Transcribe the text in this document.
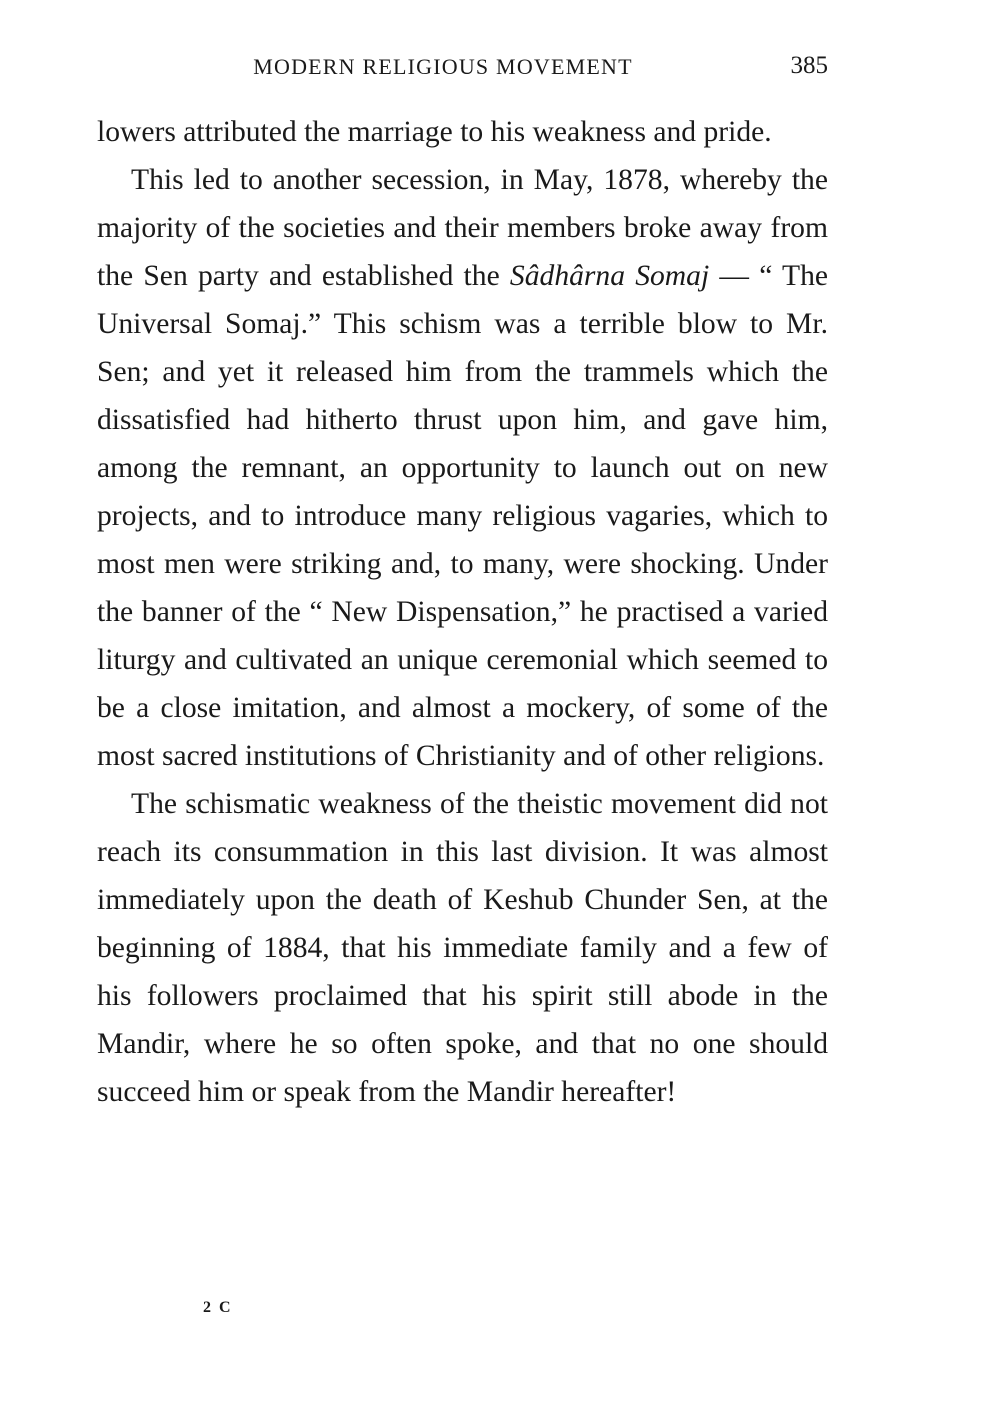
MODERN RELIGIOUS MOVEMENT	385

lowers attributed the marriage to his weakness and pride.

This led to another secession, in May, 1878, whereby the majority of the societies and their members broke away from the Sen party and established the Sâdhârna Somaj — “ The Universal Somaj.” This schism was a terrible blow to Mr. Sen; and yet it released him from the trammels which the dissatisfied had hitherto thrust upon him, and gave him, among the remnant, an opportunity to launch out on new projects, and to introduce many religious vagaries, which to most men were striking and, to many, were shocking. Under the banner of the “ New Dispensation,” he practised a varied liturgy and cultivated an unique ceremonial which seemed to be a close imitation, and almost a mockery, of some of the most sacred institutions of Christianity and of other religions.

The schismatic weakness of the theistic movement did not reach its consummation in this last division. It was almost immediately upon the death of Keshub Chunder Sen, at the beginning of 1884, that his immediate family and a few of his followers proclaimed that his spirit still abode in the Mandir, where he so often spoke, and that no one should succeed him or speak from the Mandir hereafter!

2 C
